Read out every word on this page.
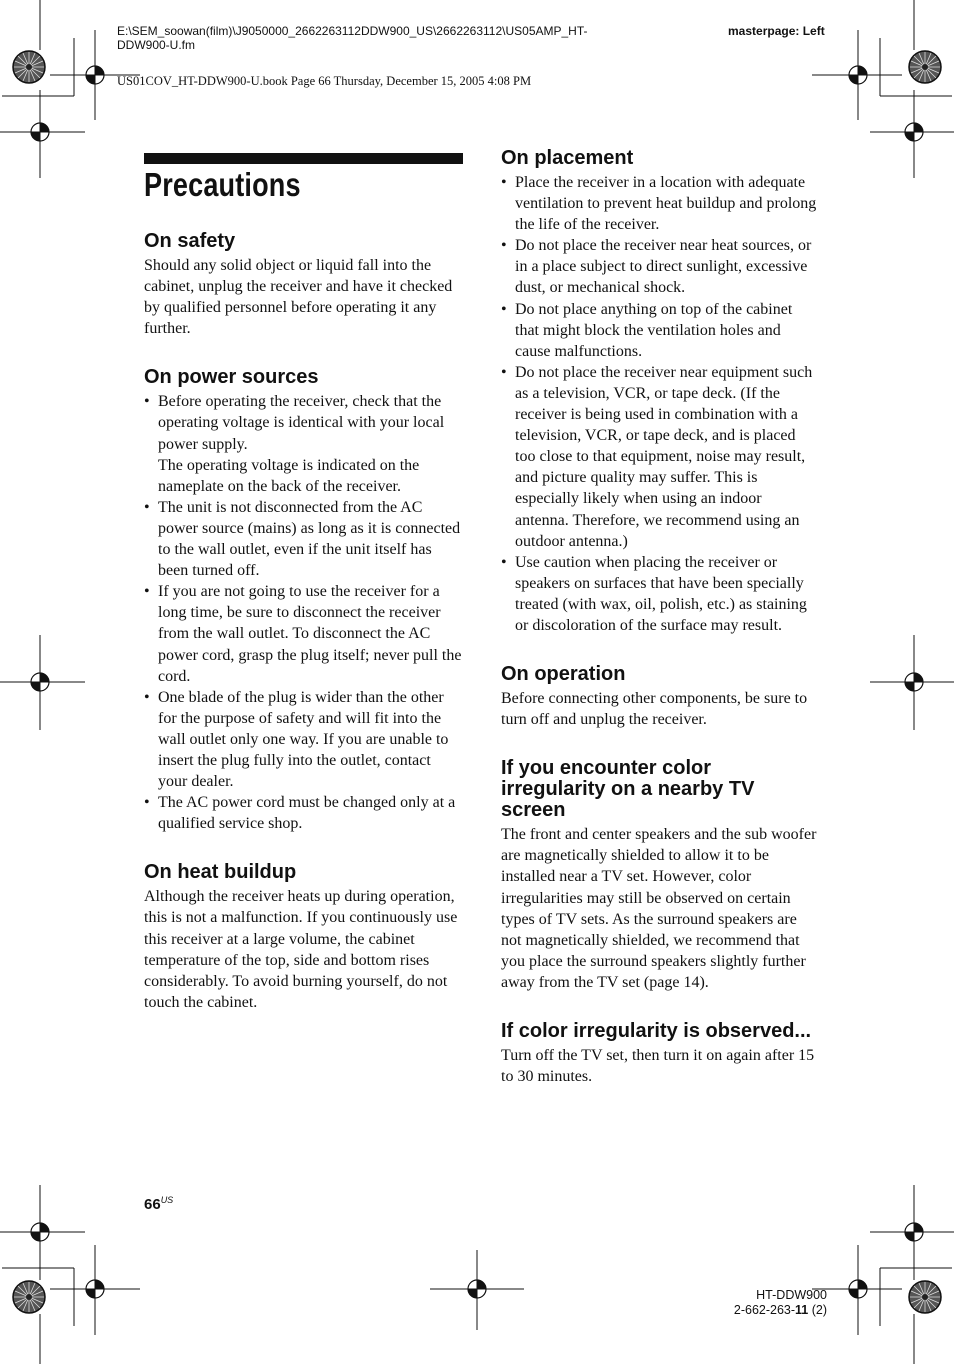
E:\SEM_soowan(film)\J9050000_2662263112DDW900_US\2662263112\US05AMP_HT-
DDW900-U.fm
masterpage: Left
US01COV_HT-DDW900-U.book Page 66 Thursday, December 15, 2005 4:08 PM
Precautions
On safety

Should any solid object or liquid fall into the cabinet, unplug the receiver and have it checked by qualified personnel before operating it any further.

On power sources
• Before operating the receiver, check that the operating voltage is identical with your local power supply.
The operating voltage is indicated on the nameplate on the back of the receiver.
• The unit is not disconnected from the AC power source (mains) as long as it is connected to the wall outlet, even if the unit itself has been turned off.
• If you are not going to use the receiver for a long time, be sure to disconnect the receiver from the wall outlet. To disconnect the AC power cord, grasp the plug itself; never pull the cord.
• One blade of the plug is wider than the other for the purpose of safety and will fit into the wall outlet only one way. If you are unable to insert the plug fully into the outlet, contact your dealer.
• The AC power cord must be changed only at a qualified service shop.
On heat buildup

Although the receiver heats up during operation, this is not a malfunction. If you continuously use this receiver at a large volume, the cabinet temperature of the top, side and bottom rises considerably. To avoid burning yourself, do not touch the cabinet.

On placement
• Place the receiver in a location with adequate ventilation to prevent heat buildup and prolong the life of the receiver.
• Do not place the receiver near heat sources, or in a place subject to direct sunlight, excessive dust, or mechanical shock.
• Do not place anything on top of the cabinet that might block the ventilation holes and cause malfunctions.
• Do not place the receiver near equipment such as a television, VCR, or tape deck. (If the receiver is being used in combination with a television, VCR, or tape deck, and is placed too close to that equipment, noise may result, and picture quality may suffer. This is especially likely when using an indoor antenna. Therefore, we recommend using an outdoor antenna.)
• Use caution when placing the receiver or speakers on surfaces that have been specially treated (with wax, oil, polish, etc.) as staining or discoloration of the surface may result.
On operation

Before connecting other components, be sure to turn off and unplug the receiver.

If you encounter color irregularity on a nearby TV screen

The front and center speakers and the sub woofer are magnetically shielded to allow it to be installed near a TV set. However, color irregularities may still be observed on certain types of TV sets. As the surround speakers are not magnetically shielded, we recommend that you place the surround speakers slightly further away from the TV set (page 14).

If color irregularity is observed...

Turn off the TV set, then turn it on again after 15 to 30 minutes.

$66^{US}$
HT-DDW900
2-662-263-11 (2)
